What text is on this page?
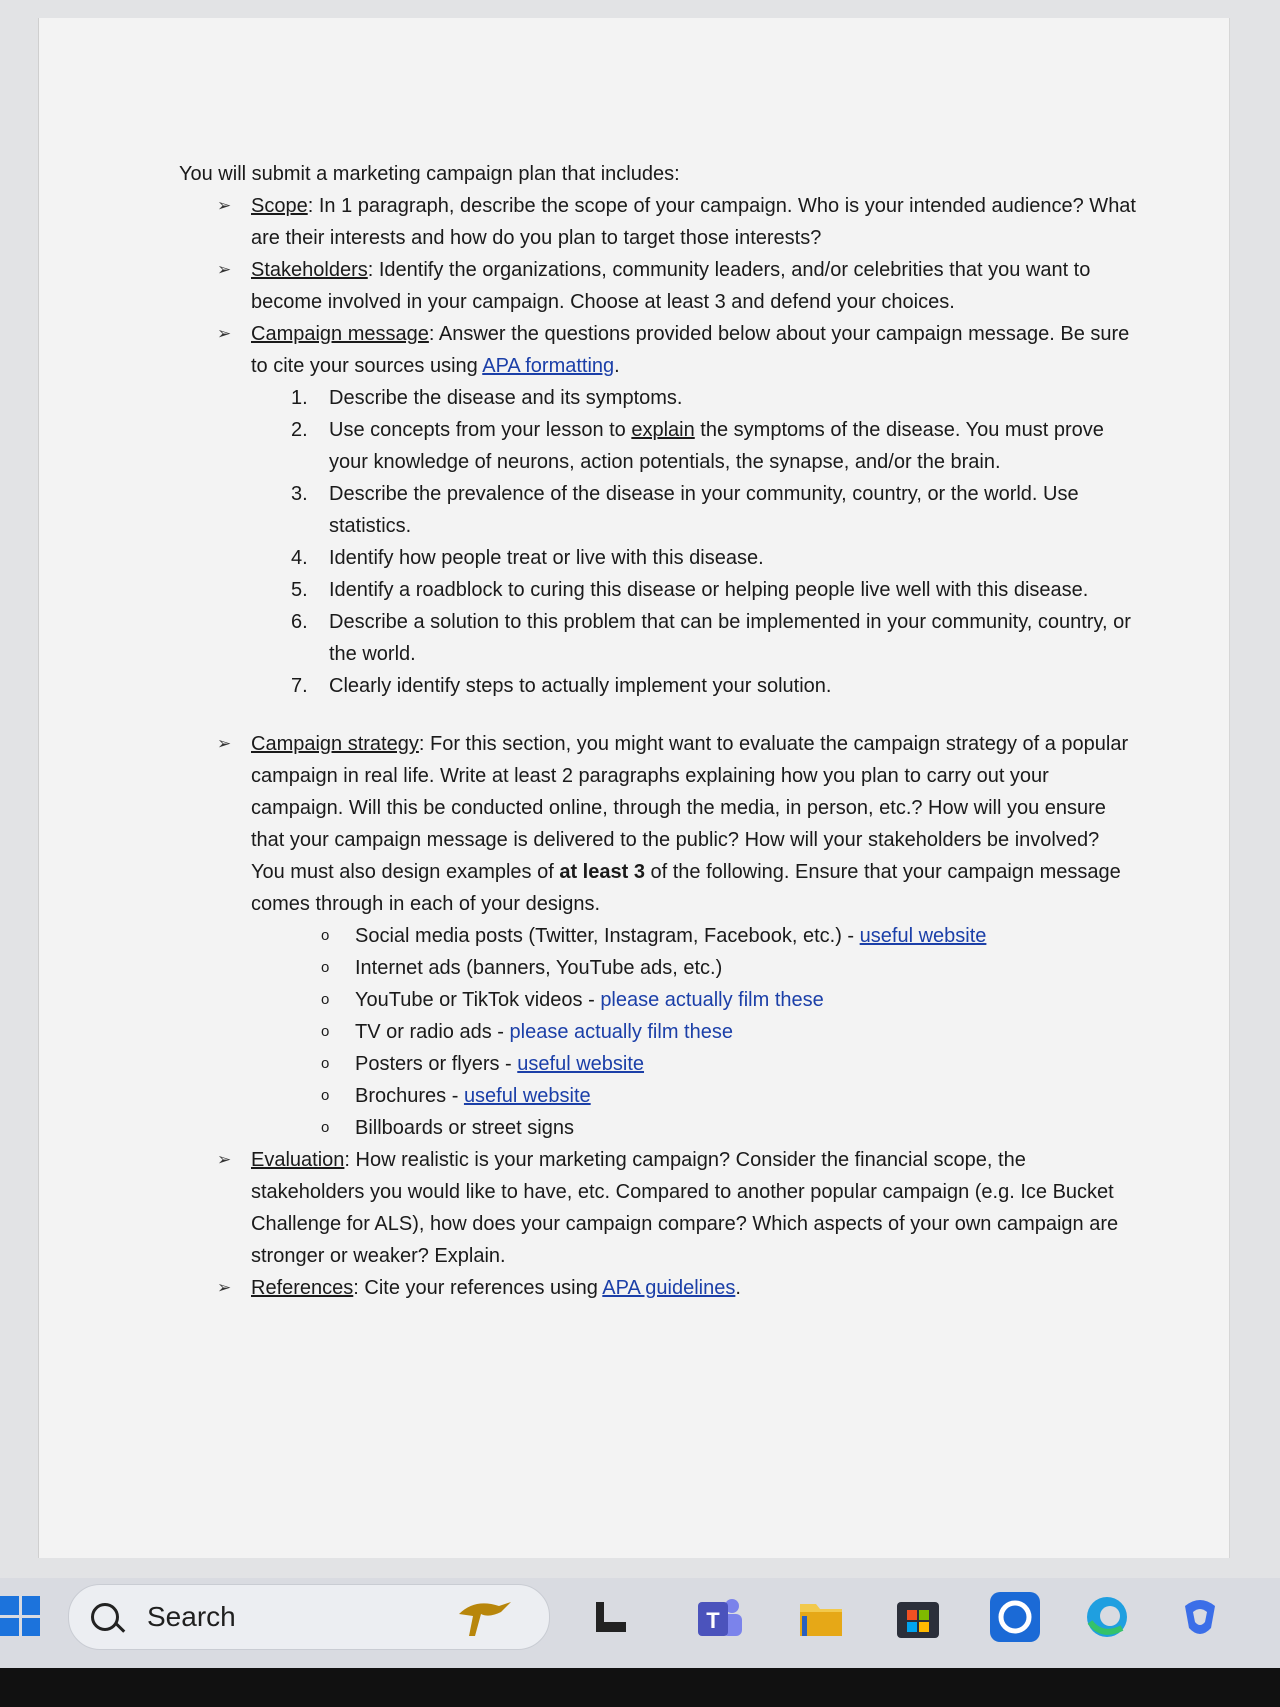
You will submit a marketing campaign plan that includes:

➢ Scope: In 1 paragraph, describe the scope of your campaign. Who is your intended audience? What are their interests and how do you plan to target those interests?

➢ Stakeholders: Identify the organizations, community leaders, and/or celebrities that you want to become involved in your campaign. Choose at least 3 and defend your choices.

➢ Campaign message: Answer the questions provided below about your campaign message. Be sure to cite your sources using APA formatting.

1. Describe the disease and its symptoms.

2. Use concepts from your lesson to explain the symptoms of the disease. You must prove your knowledge of neurons, action potentials, the synapse, and/or the brain.

3. Describe the prevalence of the disease in your community, country, or the world. Use statistics.

4. Identify how people treat or live with this disease.

5. Identify a roadblock to curing this disease or helping people live well with this disease.

6. Describe a solution to this problem that can be implemented in your community, country, or the world.

7. Clearly identify steps to actually implement your solution.

➢ Campaign strategy: For this section, you might want to evaluate the campaign strategy of a popular campaign in real life. Write at least 2 paragraphs explaining how you plan to carry out your campaign. Will this be conducted online, through the media, in person, etc.? How will you ensure that your campaign message is delivered to the public? How will your stakeholders be involved?

You must also design examples of at least 3 of the following. Ensure that your campaign message comes through in each of your designs.

o Social media posts (Twitter, Instagram, Facebook, etc.) - useful website

o Internet ads (banners, YouTube ads, etc.)

o YouTube or TikTok videos - please actually film these

o TV or radio ads - please actually film these

o Posters or flyers - useful website

o Brochures - useful website

o Billboards or street signs

➢ Evaluation: How realistic is your marketing campaign? Consider the financial scope, the stakeholders you would like to have, etc. Compared to another popular campaign (e.g. Ice Bucket Challenge for ALS), how does your campaign compare? Which aspects of your own campaign are stronger or weaker? Explain.

➢ References: Cite your references using APA guidelines.

Search	T
